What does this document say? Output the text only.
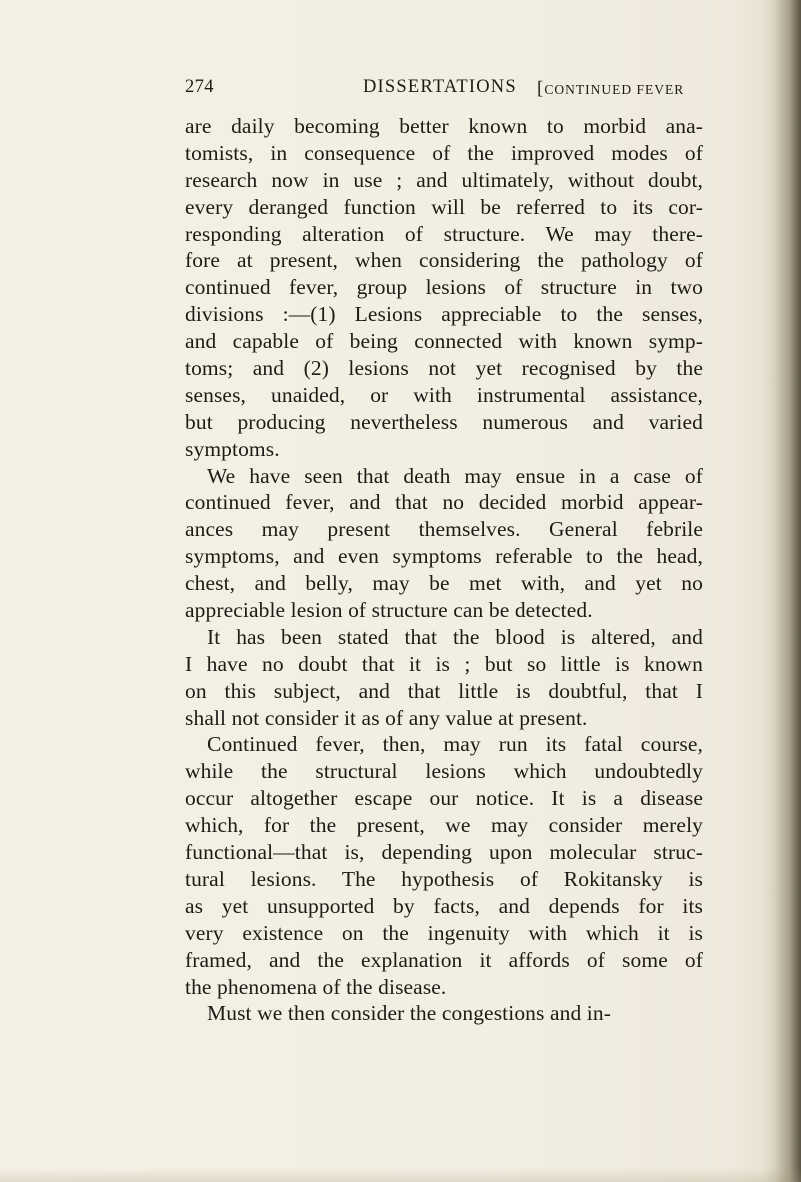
274	DISSERTATIONS [CONTINUED FEVER
are daily becoming better known to morbid ana-
tomists, in consequence of the improved modes of
research now in use ; and ultimately, without doubt,
every deranged function will be referred to its cor-
responding alteration of structure. We may there-
fore at present, when considering the pathology of
continued fever, group lesions of structure in two
divisions :—(1) Lesions appreciable to the senses,
and capable of being connected with known symp-
toms; and (2) lesions not yet recognised by the
senses, unaided, or with instrumental assistance,
but producing nevertheless numerous and varied
symptoms.
We have seen that death may ensue in a case of
continued fever, and that no decided morbid appear-
ances may present themselves. General febrile
symptoms, and even symptoms referable to the head,
chest, and belly, may be met with, and yet no
appreciable lesion of structure can be detected.
It has been stated that the blood is altered, and
I have no doubt that it is ; but so little is known
on this subject, and that little is doubtful, that I
shall not consider it as of any value at present.
Continued fever, then, may run its fatal course,
while the structural lesions which undoubtedly
occur altogether escape our notice. It is a disease
which, for the present, we may consider merely
functional—that is, depending upon molecular struc-
tural lesions. The hypothesis of Rokitansky is
as yet unsupported by facts, and depends for its
very existence on the ingenuity with which it is
framed, and the explanation it affords of some of
the phenomena of the disease.
Must we then consider the congestions and in-
